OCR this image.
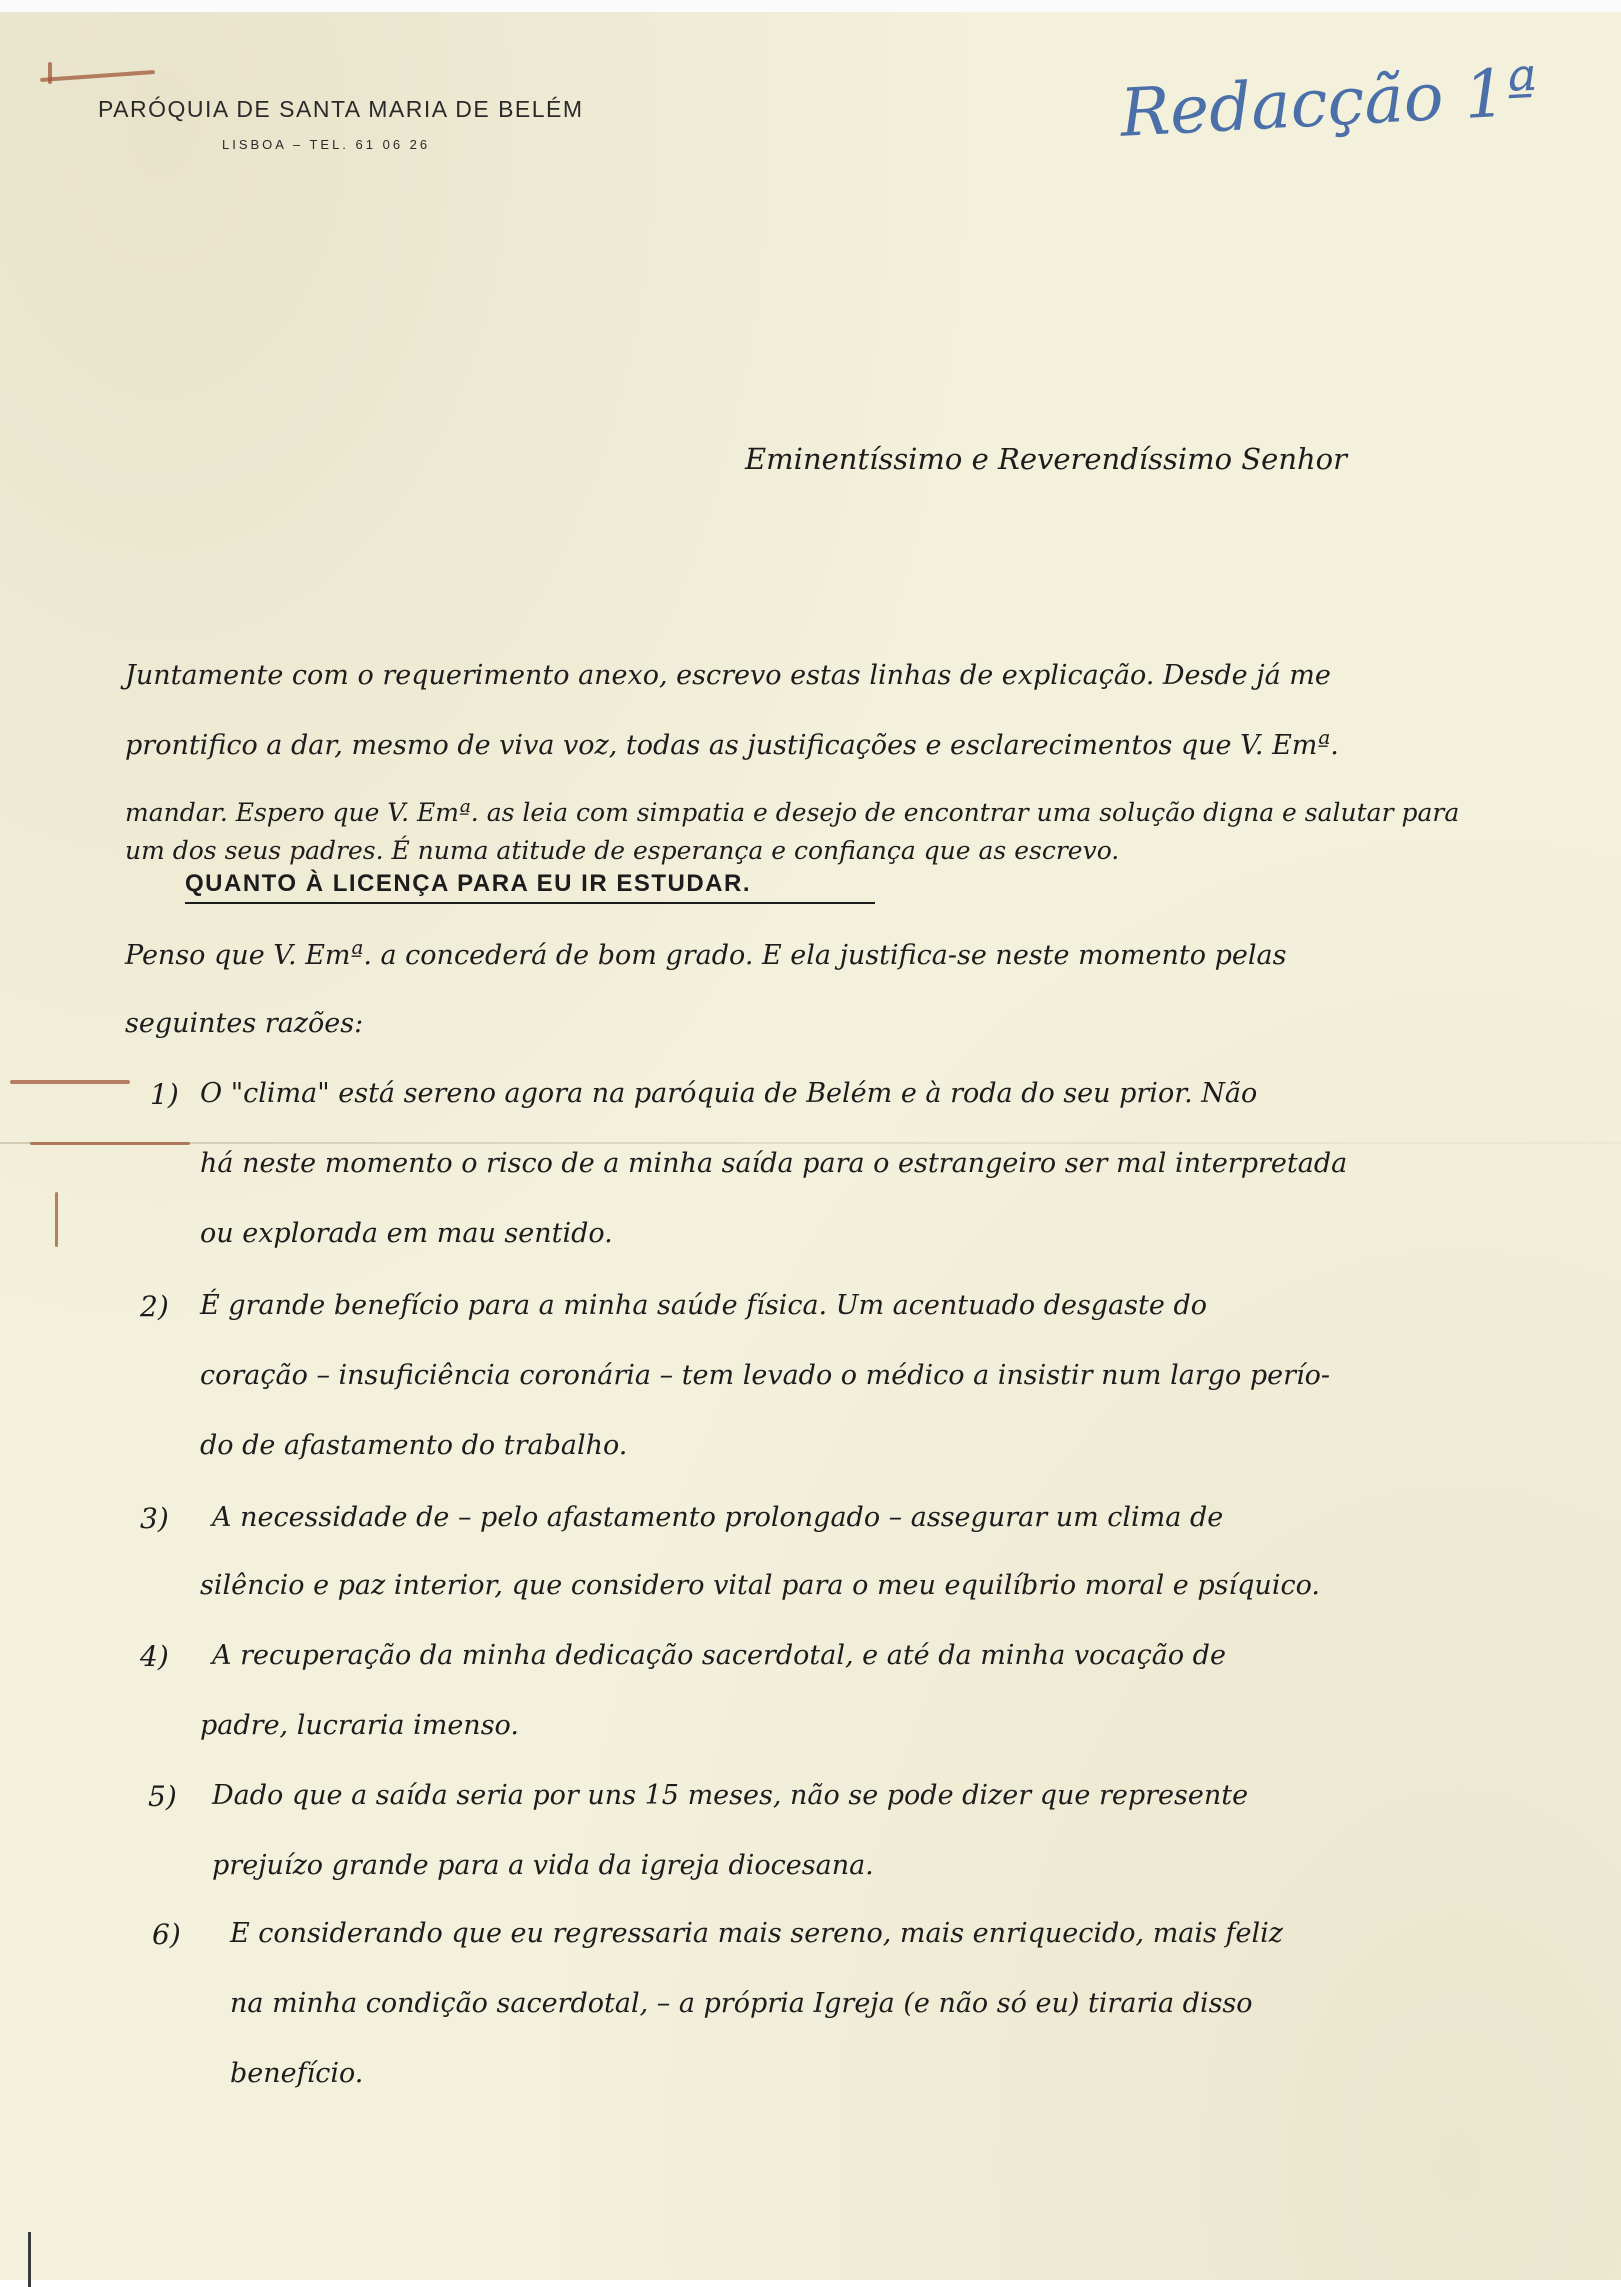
PARÓQUIA DE SANTA MARIA DE BELÉM
LISBOA – TEL. 61 06 26	Redacção 1ª
Eminentíssimo e Reverendíssimo Senhor
Juntamente com o requerimento anexo, escrevo estas linhas de explicação. Desde já me
prontifico a dar, mesmo de viva voz, todas as justificações e esclarecimentos que V. Emª.
mandar. Espero que V. Emª. as leia com simpatia e desejo de encontrar uma solução digna e salutar para
um dos seus padres. É numa atitude de esperança e confiança que as escrevo.
QUANTO À LICENÇA PARA EU IR ESTUDAR.
Penso que V. Emª. a concederá de bom grado. E ela justifica-se neste momento pelas
seguintes razões:
1) O "clima" está sereno agora na paróquia de Belém e à roda do seu prior. Não
há neste momento o risco de a minha saída para o estrangeiro ser mal interpretada
ou explorada em mau sentido.
2) É grande benefício para a minha saúde física. Um acentuado desgaste do
coração – insuficiência coronária – tem levado o médico a insistir num largo perío-
do de afastamento do trabalho.
3) A necessidade de – pelo afastamento prolongado – assegurar um clima de
silêncio e paz interior, que considero vital para o meu equilíbrio moral e psíquico.
4) A recuperação da minha dedicação sacerdotal, e até da minha vocação de
padre, lucraria imenso.
5) Dado que a saída seria por uns 15 meses, não se pode dizer que represente
prejuízo grande para a vida da igreja diocesana.
6) E considerando que eu regressaria mais sereno, mais enriquecido, mais feliz
na minha condição sacerdotal, – a própria Igreja (e não só eu) tiraria disso
benefício.
